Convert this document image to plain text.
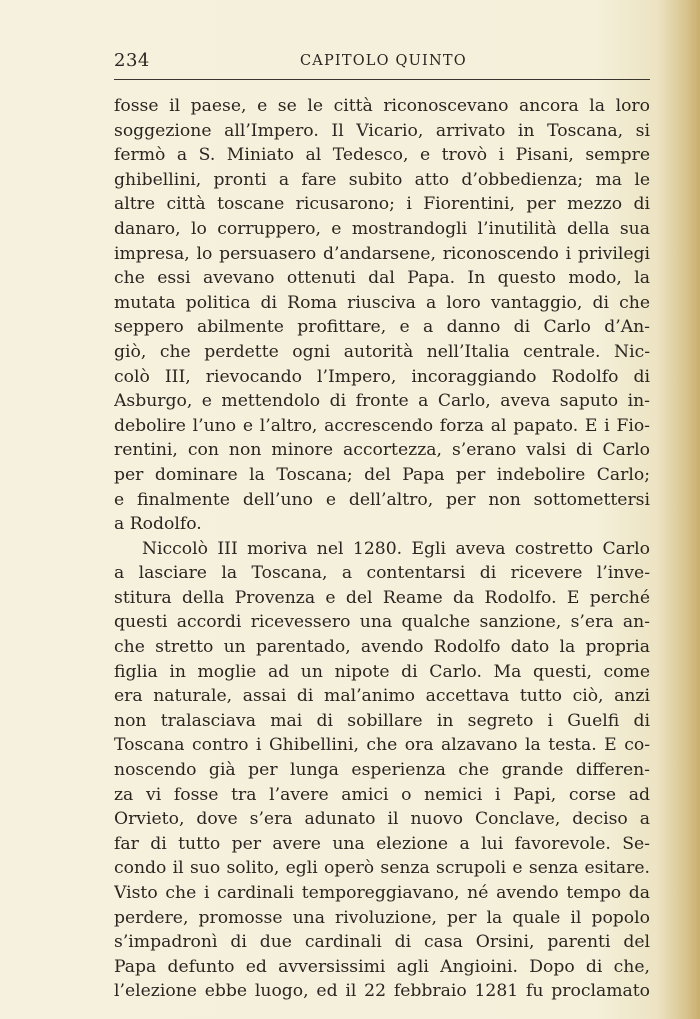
234	CAPITOLO QUINTO
fosse il paese, e se le città riconoscevano ancora la loro
soggezione all’Impero. Il Vicario, arrivato in Toscana, si
fermò a S. Miniato al Tedesco, e trovò i Pisani, sempre
ghibellini, pronti a fare subito atto d’obbedienza; ma le
altre città toscane ricusarono; i Fiorentini, per mezzo di
danaro, lo corruppero, e mostrandogli l’inutilità della sua
impresa, lo persuasero d’andarsene, riconoscendo i privilegi
che essi avevano ottenuti dal Papa. In questo modo, la
mutata politica di Roma riusciva a loro vantaggio, di che
seppero abilmente profittare, e a danno di Carlo d’An-
giò, che perdette ogni autorità nell’Italia centrale. Nic-
colò III, rievocando l’Impero, incoraggiando Rodolfo di
Asburgo, e mettendolo di fronte a Carlo, aveva saputo in-
debolire l’uno e l’altro, accrescendo forza al papato. E i Fio-
rentini, con non minore accortezza, s’erano valsi di Carlo
per dominare la Toscana; del Papa per indebolire Carlo;
e finalmente dell’uno e dell’altro, per non sottomettersi
a Rodolfo.
Niccolò III moriva nel 1280. Egli aveva costretto Carlo
a lasciare la Toscana, a contentarsi di ricevere l’inve-
stitura della Provenza e del Reame da Rodolfo. E perché
questi accordi ricevessero una qualche sanzione, s’era an-
che stretto un parentado, avendo Rodolfo dato la propria
figlia in moglie ad un nipote di Carlo. Ma questi, come
era naturale, assai di mal’animo accettava tutto ciò, anzi
non tralasciava mai di sobillare in segreto i Guelfi di
Toscana contro i Ghibellini, che ora alzavano la testa. E co-
noscendo già per lunga esperienza che grande differen-
za vi fosse tra l’avere amici o nemici i Papi, corse ad
Orvieto, dove s’era adunato il nuovo Conclave, deciso a
far di tutto per avere una elezione a lui favorevole. Se-
condo il suo solito, egli operò senza scrupoli e senza esitare.
Visto che i cardinali temporeggiavano, né avendo tempo da
perdere, promosse una rivoluzione, per la quale il popolo
s’impadronì di due cardinali di casa Orsini, parenti del
Papa defunto ed avversissimi agli Angioini. Dopo di che,
l’elezione ebbe luogo, ed il 22 febbraio 1281 fu proclamato
